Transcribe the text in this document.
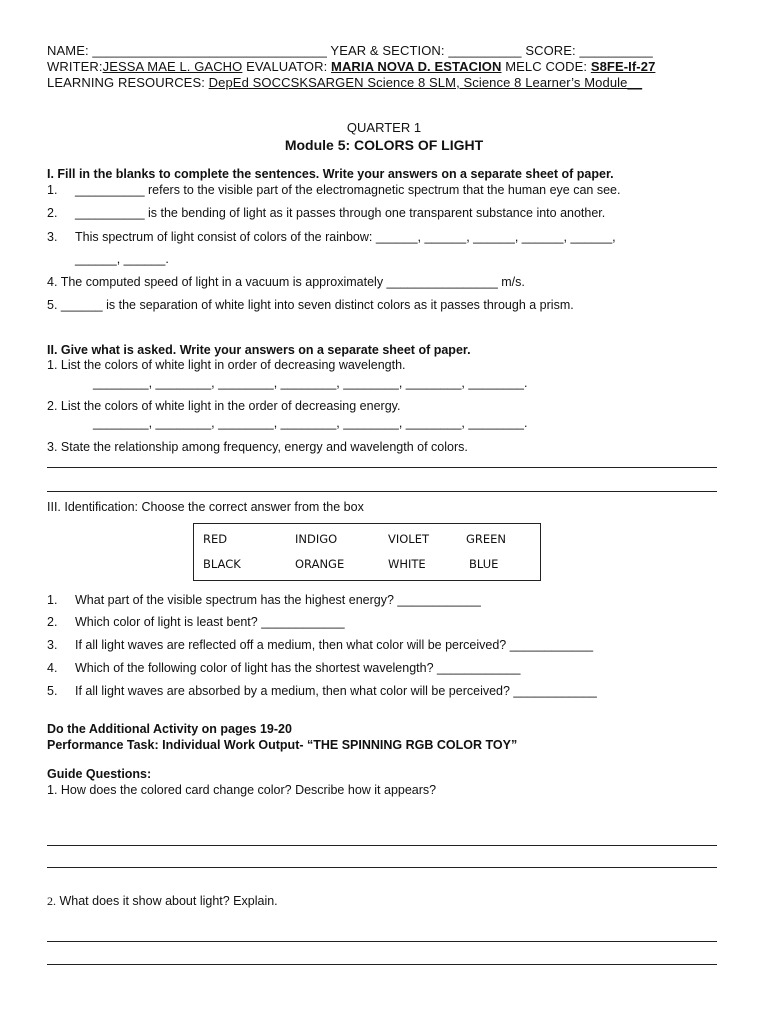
NAME: ________________________________ YEAR & SECTION: __________ SCORE: __________
WRITER:JESSA MAE L. GACHO EVALUATOR: MARIA NOVA D. ESTACION MELC CODE: S8FE-If-27
LEARNING RESOURCES: DepEd SOCCSKSARGEN Science 8 SLM, Science 8 Learner’s Module__
QUARTER 1
Module 5: COLORS OF LIGHT
I. Fill in the blanks to complete the sentences. Write your answers on a separate sheet of paper.
1. __________ refers to the visible part of the electromagnetic spectrum that the human eye can see.
2. __________ is the bending of light as it passes through one transparent substance into another.
3. This spectrum of light consist of colors of the rainbow: ______, ______, ______, ______, ______,
______, ______.
4. The computed speed of light in a vacuum is approximately ________________ m/s.
5. ______ is the separation of white light into seven distinct colors as it passes through a prism.
II. Give what is asked. Write your answers on a separate sheet of paper.
1. List the colors of white light in order of decreasing wavelength.
________, ________, ________, ________, ________, ________, ________.
2. List the colors of white light in the order of decreasing energy.
________, ________, ________, ________, ________, ________, ________.
3. State the relationship among frequency, energy and wavelength of colors.
III. Identification: Choose the correct answer from the box
RED	INDIGO	VIOLET	GREEN
BLACK	ORANGE	WHITE	BLUE
1. What part of the visible spectrum has the highest energy? ____________
2. Which color of light is least bent? ____________
3. If all light waves are reflected off a medium, then what color will be perceived? ____________
4. Which of the following color of light has the shortest wavelength? ____________
5. If all light waves are absorbed by a medium, then what color will be perceived? ____________
Do the Additional Activity on pages 19-20
Performance Task: Individual Work Output- “THE SPINNING RGB COLOR TOY”
Guide Questions:
1. How does the colored card change color? Describe how it appears?
2. What does it show about light? Explain.
